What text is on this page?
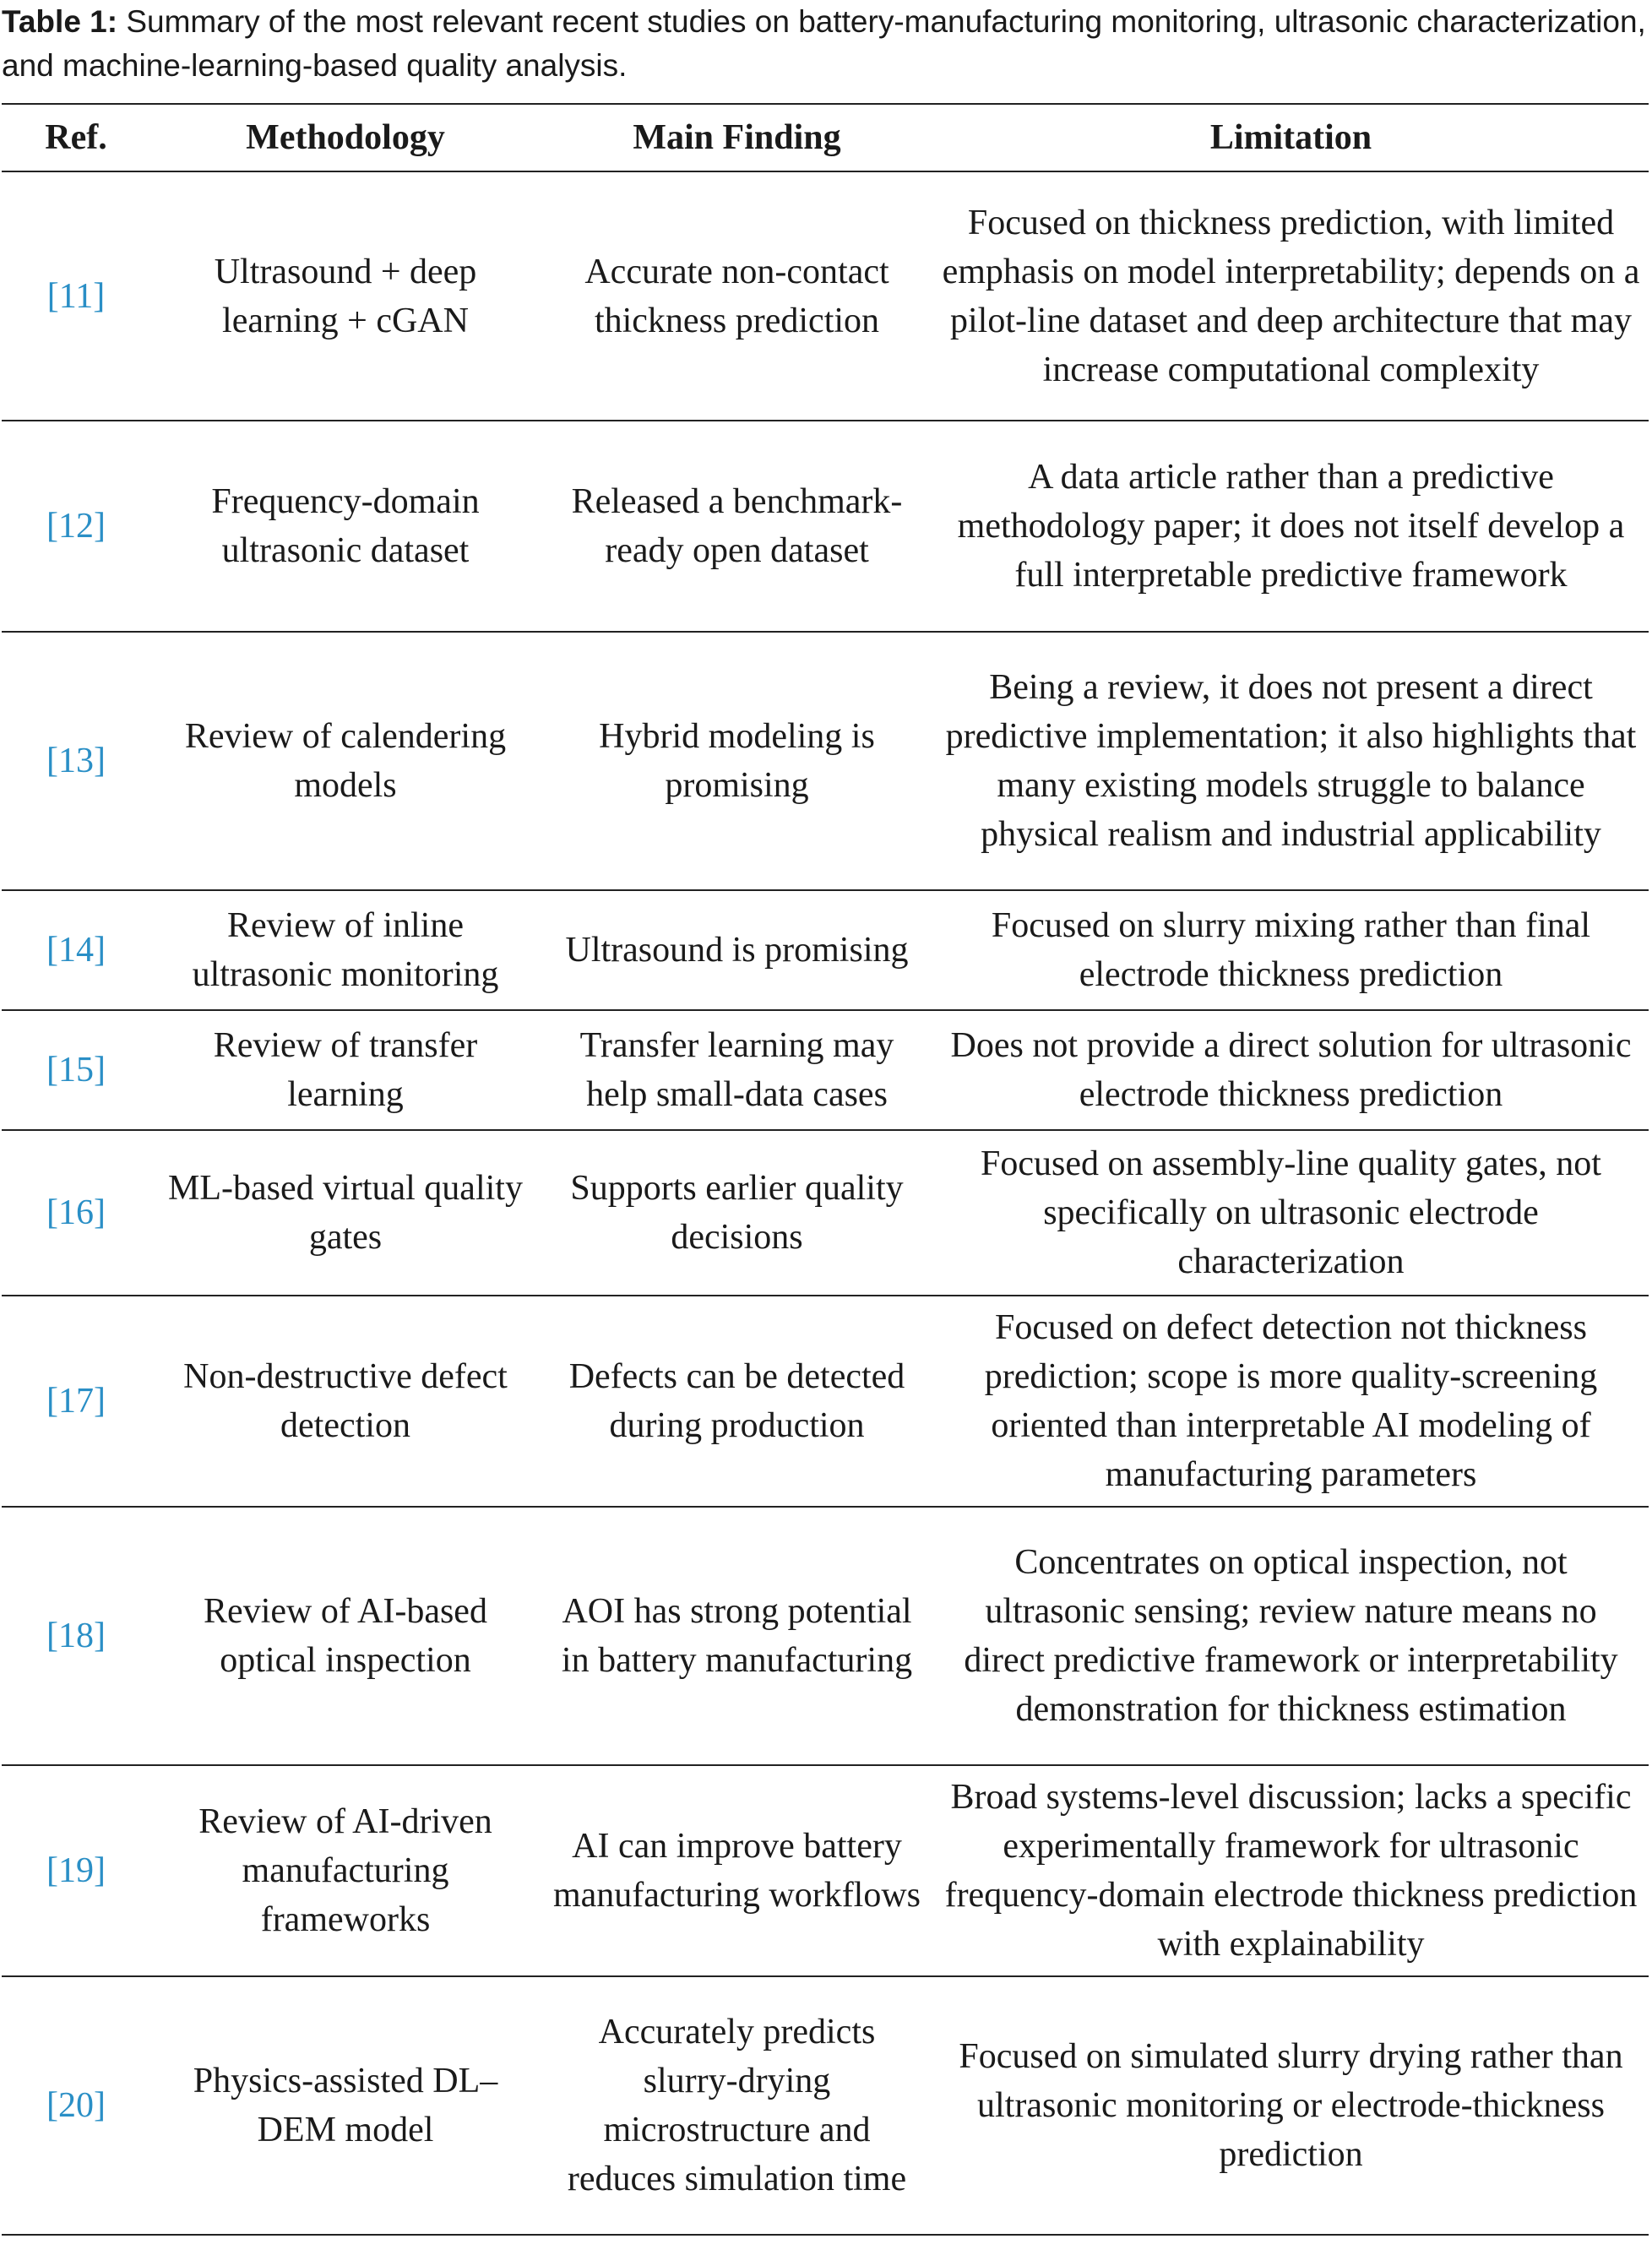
Table 1: Summary of the most relevant recent studies on battery-manufacturing monitoring, ultrasonic characterization, and machine-learning-based quality analysis.
Ref.	Methodology	Main Finding	Limitation
[11]	Ultrasound + deep learning + cGAN	Accurate non-contact thickness prediction	Focused on thickness prediction, with limited emphasis on model interpretability; depends on a pilot-line dataset and deep architecture that may increase computational complexity
[12]	Frequency-domain ultrasonic dataset	Released a benchmark-ready open dataset	A data article rather than a predictive methodology paper; it does not itself develop a full interpretable predictive framework
[13]	Review of calendering models	Hybrid modeling is promising	Being a review, it does not present a direct predictive implementation; it also highlights that many existing models struggle to balance physical realism and industrial applicability
[14]	Review of inline ultrasonic monitoring	Ultrasound is promising	Focused on slurry mixing rather than final electrode thickness prediction
[15]	Review of transfer learning	Transfer learning may help small-data cases	Does not provide a direct solution for ultrasonic electrode thickness prediction
[16]	ML-based virtual quality gates	Supports earlier quality decisions	Focused on assembly-line quality gates, not specifically on ultrasonic electrode characterization
[17]	Non-destructive defect detection	Defects can be detected during production	Focused on defect detection not thickness prediction; scope is more quality-screening oriented than interpretable AI modeling of manufacturing parameters
[18]	Review of AI-based optical inspection	AOI has strong potential in battery manufacturing	Concentrates on optical inspection, not ultrasonic sensing; review nature means no direct predictive framework or interpretability demonstration for thickness estimation
[19]	Review of AI-driven manufacturing frameworks	AI can improve battery manufacturing workflows	Broad systems-level discussion; lacks a specific experimentally framework for ultrasonic frequency-domain electrode thickness prediction with explainability
[20]	Physics-assisted DL–DEM model	Accurately predicts slurry-drying microstructure and reduces simulation time	Focused on simulated slurry drying rather than ultrasonic monitoring or electrode-thickness prediction
